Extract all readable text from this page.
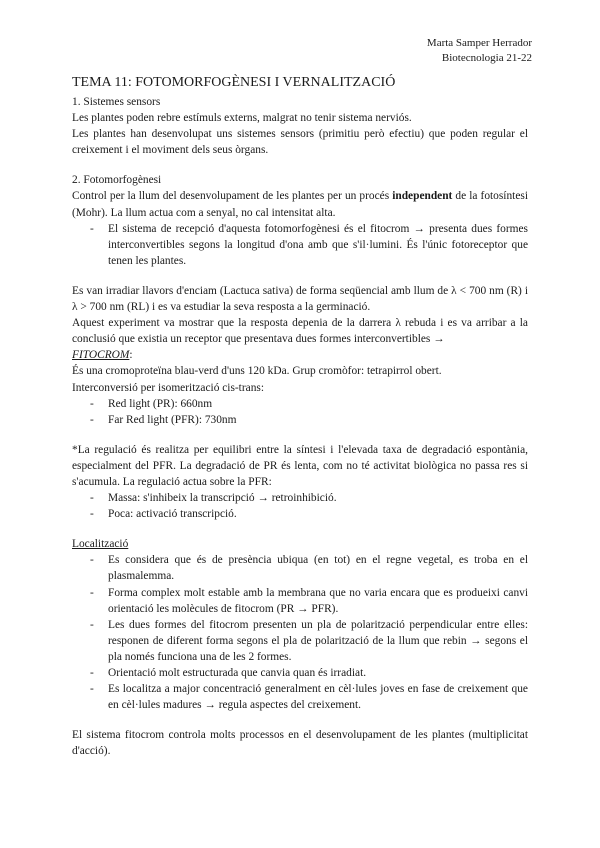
Marta Samper Herrador
Biotecnologia 21-22
TEMA 11: FOTOMORFOGÈNESI I VERNALITZACIÓ
1. Sistemes sensors

Les plantes poden rebre estímuls externs, malgrat no tenir sistema nerviós.

Les plantes han desenvolupat uns sistemes sensors (primitiu però efectiu) que poden regular el creixement i el moviment dels seus òrgans.

2. Fotomorfogènesi

Control per la llum del desenvolupament de les plantes per un procés independent de la fotosíntesi (Mohr). La llum actua com a senyal, no cal intensitat alta.

- El sistema de recepció d'aquesta fotomorfogènesi és el fitocrom → presenta dues formes interconvertibles segons la longitud d'ona amb que s'il·lumini. És l'únic fotoreceptor que tenen les plantes.

Es van irradiar llavors d'enciam (Lactuca sativa) de forma seqüencial amb llum de λ < 700 nm (R) i λ > 700 nm (RL) i es va estudiar la seva resposta a la germinació.

Aquest experiment va mostrar que la resposta depenia de la darrera λ rebuda i es va arribar a la conclusió que existia un receptor que presentava dues formes interconvertibles →

FITOCROM:

És una cromoproteïna blau-verd d'uns 120 kDa. Grup cromòfor: tetrapirrol obert.

Interconversió per isomerització cis-trans:

- Red light (PR): 660nm
- Far Red light (PFR): 730nm

*La regulació és realitza per equilibri entre la síntesi i l'elevada taxa de degradació espontània, especialment del PFR. La degradació de PR és lenta, com no té activitat biològica no passa res si s'acumula. La regulació actua sobre la PFR:

- Massa: s'inhibeix la transcripció → retroinhibició.
- Poca: activació transcripció.
Localització
- Es considera que és de presència ubiqua (en tot) en el regne vegetal, es troba en el plasmalemma.
- Forma complex molt estable amb la membrana que no varia encara que es produeixi canvi orientació les molècules de fitocrom (PR → PFR).
- Les dues formes del fitocrom presenten un pla de polarització perpendicular entre elles: responen de diferent forma segons el pla de polarització de la llum que rebin → segons el pla només funciona una de les 2 formes.
- Orientació molt estructurada que canvia quan és irradiat.
- Es localitza a major concentració generalment en cèl·lules joves en fase de creixement que en cèl·lules madures → regula aspectes del creixement.

El sistema fitocrom controla molts processos en el desenvolupament de les plantes (multiplicitat d'acció).
